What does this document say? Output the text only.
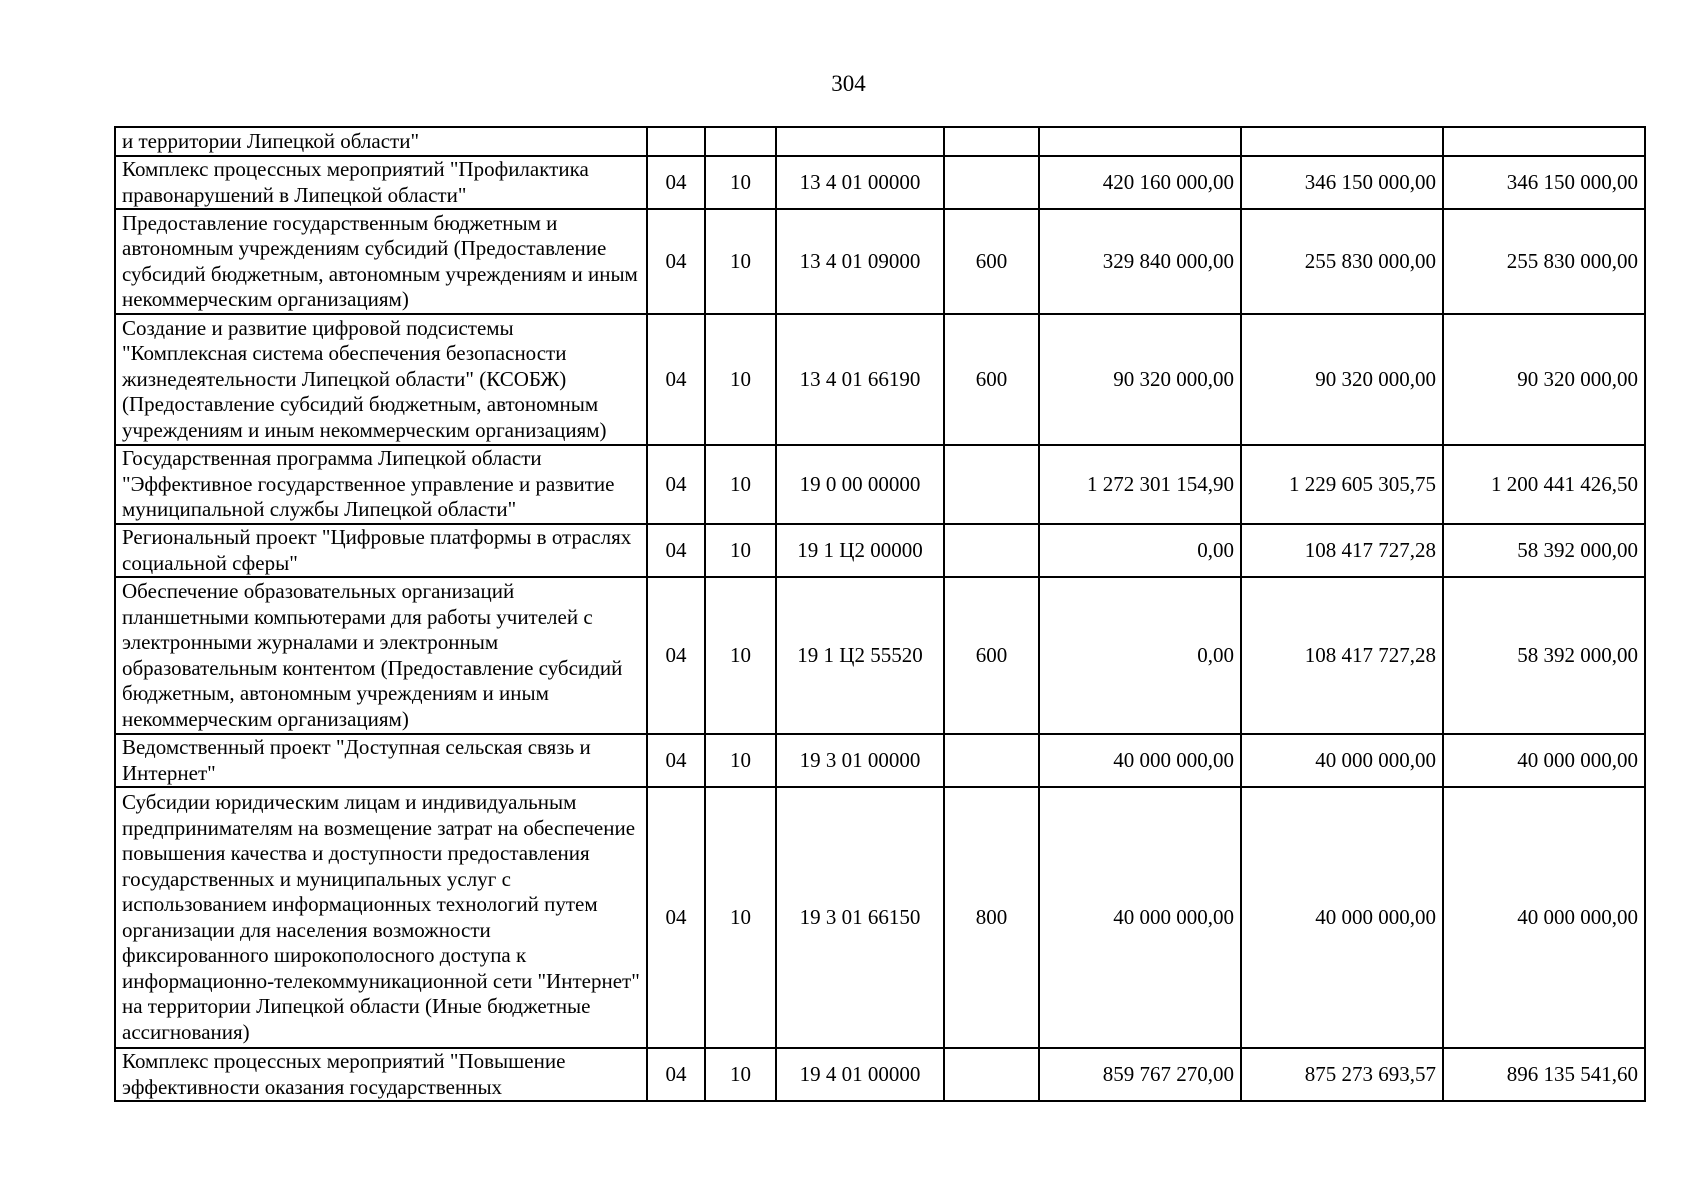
304
и территории Липецкой области"							
Комплекс процессных мероприятий "Профилактика правонарушений в Липецкой области"	04	10	13 4 01 00000		420 160 000,00	346 150 000,00	346 150 000,00
Предоставление государственным бюджетным и автономным учреждениям субсидий (Предоставление субсидий бюджетным, автономным учреждениям и иным некоммерческим организациям)	04	10	13 4 01 09000	600	329 840 000,00	255 830 000,00	255 830 000,00
Создание и развитие цифровой подсистемы "Комплексная система обеспечения безопасности жизнедеятельности Липецкой области" (КСОБЖ) (Предоставление субсидий бюджетным, автономным учреждениям и иным некоммерческим организациям)	04	10	13 4 01 66190	600	90 320 000,00	90 320 000,00	90 320 000,00
Государственная программа Липецкой области "Эффективное государственное управление и развитие муниципальной службы Липецкой области"	04	10	19 0 00 00000		1 272 301 154,90	1 229 605 305,75	1 200 441 426,50
Региональный проект "Цифровые платформы в отраслях социальной сферы"	04	10	19 1 Ц2 00000		0,00	108 417 727,28	58 392 000,00
Обеспечение образовательных организаций планшетными компьютерами для работы учителей с электронными журналами и электронным образовательным контентом (Предоставление субсидий бюджетным, автономным учреждениям и иным некоммерческим организациям)	04	10	19 1 Ц2 55520	600	0,00	108 417 727,28	58 392 000,00
Ведомственный проект "Доступная сельская связь и Интернет"	04	10	19 3 01 00000		40 000 000,00	40 000 000,00	40 000 000,00
Субсидии юридическим лицам и индивидуальным предпринимателям на возмещение затрат на обеспечение повышения качества и доступности предоставления государственных и муниципальных услуг с использованием информационных технологий путем организации для населения возможности фиксированного широкополосного доступа к информационно-телекоммуникационной сети "Интернет" на территории Липецкой области (Иные бюджетные ассигнования)	04	10	19 3 01 66150	800	40 000 000,00	40 000 000,00	40 000 000,00
Комплекс процессных мероприятий "Повышение эффективности оказания государственных	04	10	19 4 01 00000		859 767 270,00	875 273 693,57	896 135 541,60
